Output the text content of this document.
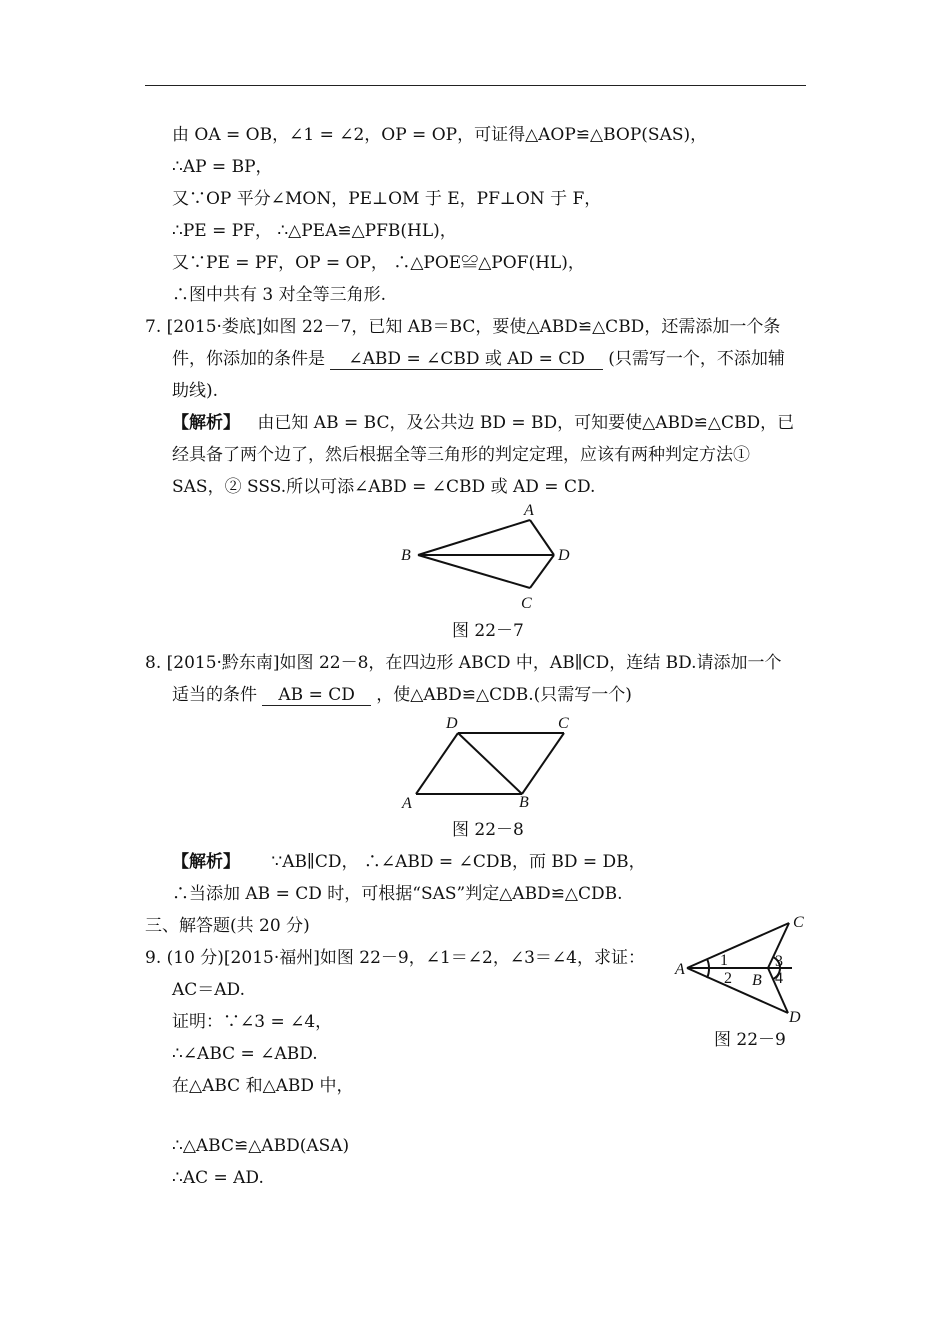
由 OA = OB，∠1 = ∠2，OP = OP，可证得△AOP≌△BOP(SAS)，
∴AP = BP，
又∵OP 平分∠MON，PE⊥OM 于 E，PF⊥ON 于 F，
∴PE = PF， ∴△PEA≌△PFB(HL)，
又∵PE = PF，OP = OP， ∴△POE≌△POF(HL)，
∴图中共有 3 对全等三角形.
7. [2015·娄底]如图 22－7，已知 AB＝BC，要使△ABD≌△CBD，还需添加一个条
件，你添加的条件是 ∠ABD = ∠CBD 或 AD = CD (只需写一个，不添加辅
助线).
【解析】 由已知 AB = BC，及公共边 BD = BD，可知要使△ABD≌△CBD，已
经具备了两个边了，然后根据全等三角形的判定定理，应该有两种判定方法①
SAS，② SSS.所以可添∠ABD = ∠CBD 或 AD = CD.
A
B	D
C
图 22－7
8. [2015·黔东南]如图 22－8，在四边形 ABCD 中，AB∥CD，连结 BD.请添加一个
适当的条件 AB = CD ，使△ABD≌△CDB.(只需写一个)
D	C
A	B
图 22－8
【解析】 ∵AB∥CD， ∴∠ABD = ∠CDB，而 BD = DB，
∴当添加 AB = CD 时，可根据“SAS”判定△ABD≌△CDB.
三、解答题(共 20 分)
9. (10 分)[2015·福州]如图 22－9，∠1＝∠2，∠3＝∠4，求证：
AC＝AD.
证明：∵∠3 = ∠4，
∴∠ABC = ∠ABD.
在△ABC 和△ABD 中，
∴△ABC≌△ABD(ASA)
∴AC = AD.
A
C
D
B
1
2
3
4
图 22－9
